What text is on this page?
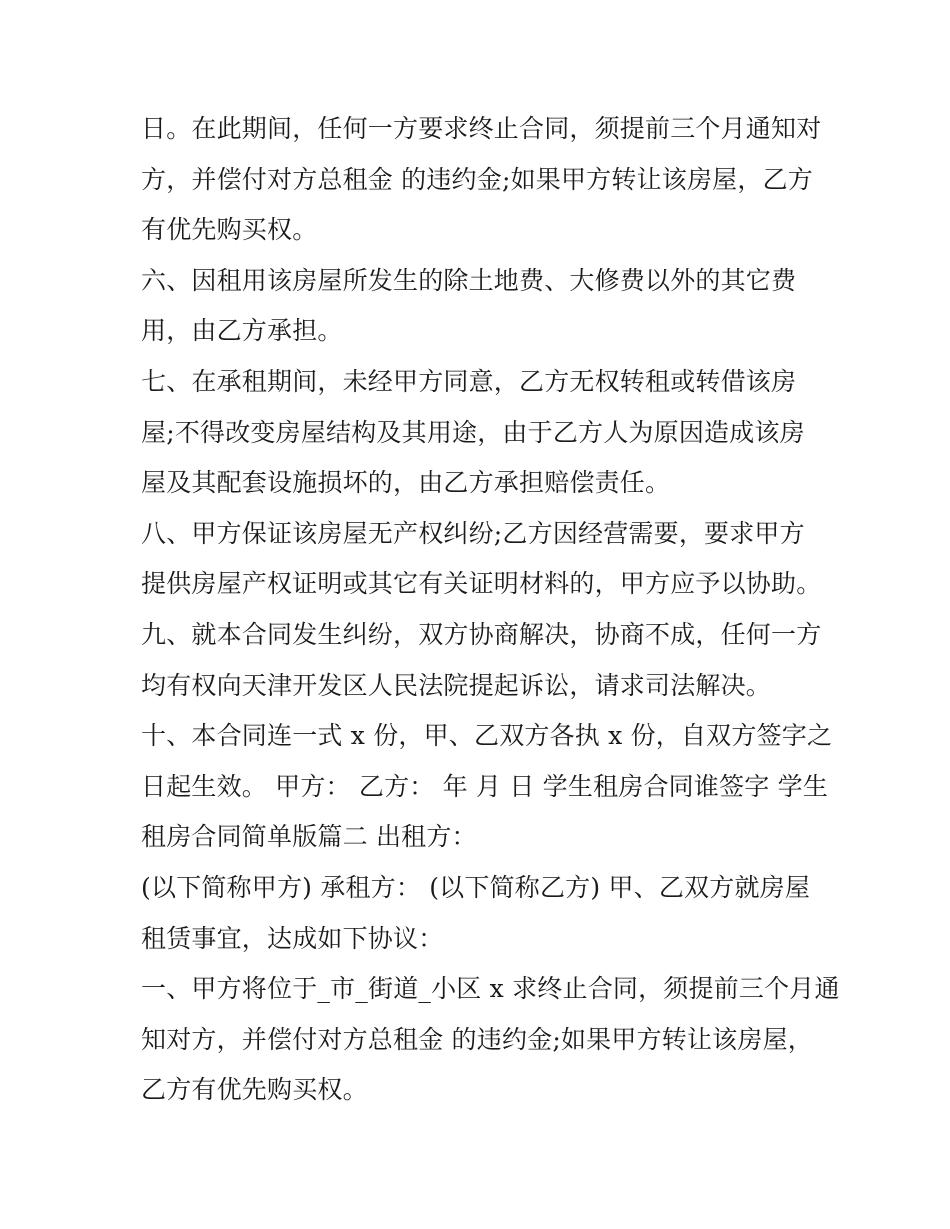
日。在此期间，任何一方要求终止合同，须提前三个月通知对
方，并偿付对方总租金 的违约金;如果甲方转让该房屋，乙方
有优先购买权。
六、因租用该房屋所发生的除土地费、大修费以外的其它费
用，由乙方承担。
七、在承租期间，未经甲方同意，乙方无权转租或转借该房
屋;不得改变房屋结构及其用途，由于乙方人为原因造成该房
屋及其配套设施损坏的，由乙方承担赔偿责任。
八、甲方保证该房屋无产权纠纷;乙方因经营需要，要求甲方
提供房屋产权证明或其它有关证明材料的，甲方应予以协助。
九、就本合同发生纠纷，双方协商解决，协商不成，任何一方
均有权向天津开发区人民法院提起诉讼，请求司法解决。
十、本合同连一式 x 份，甲、乙双方各执 x 份，自双方签字之
日起生效。 甲方： 乙方： 年 月 日 学生租房合同谁签字 学生
租房合同简单版篇二 出租方：
(以下简称甲方) 承租方： (以下简称乙方) 甲、乙双方就房屋
租赁事宜，达成如下协议：
一、甲方将位于_市_街道_小区 x 求终止合同，须提前三个月通
知对方，并偿付对方总租金 的违约金;如果甲方转让该房屋，
乙方有优先购买权。
